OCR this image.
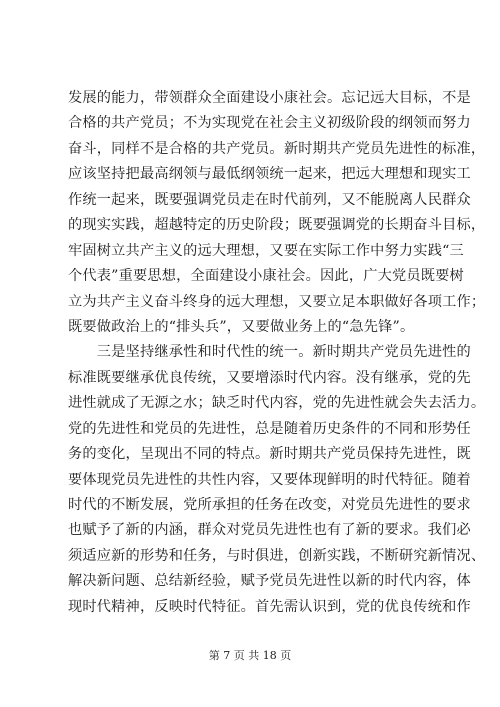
发展的能力，带领群众全面建设小康社会。忘记远大目标，不是
合格的共产党员；不为实现党在社会主义初级阶段的纲领而努力
奋斗，同样不是合格的共产党员。新时期共产党员先进性的标准，
应该坚持把最高纲领与最低纲领统一起来，把远大理想和现实工
作统一起来，既要强调党员走在时代前列，又不能脱离人民群众
的现实实践，超越特定的历史阶段；既要强调党的长期奋斗目标，
牢固树立共产主义的远大理想，又要在实际工作中努力实践“三
个代表”重要思想，全面建设小康社会。因此，广大党员既要树
立为共产主义奋斗终身的远大理想，又要立足本职做好各项工作；
既要做政治上的“排头兵”，又要做业务上的“急先锋”。
　　三是坚持继承性和时代性的统一。新时期共产党员先进性的
标准既要继承优良传统，又要增添时代内容。没有继承，党的先
进性就成了无源之水；缺乏时代内容，党的先进性就会失去活力。
党的先进性和党员的先进性，总是随着历史条件的不同和形势任
务的变化，呈现出不同的特点。新时期共产党员保持先进性，既
要体现党员先进性的共性内容，又要体现鲜明的时代特征。随着
时代的不断发展，党所承担的任务在改变，对党员先进性的要求
也赋予了新的内涵，群众对党员先进性也有了新的要求。我们必
须适应新的形势和任务，与时俱进，创新实践，不断研究新情况、
解决新问题、总结新经验，赋予党员先进性以新的时代内容，体
现时代精神，反映时代特征。首先需认识到，党的优良传统和作
第 7 页 共 18 页
